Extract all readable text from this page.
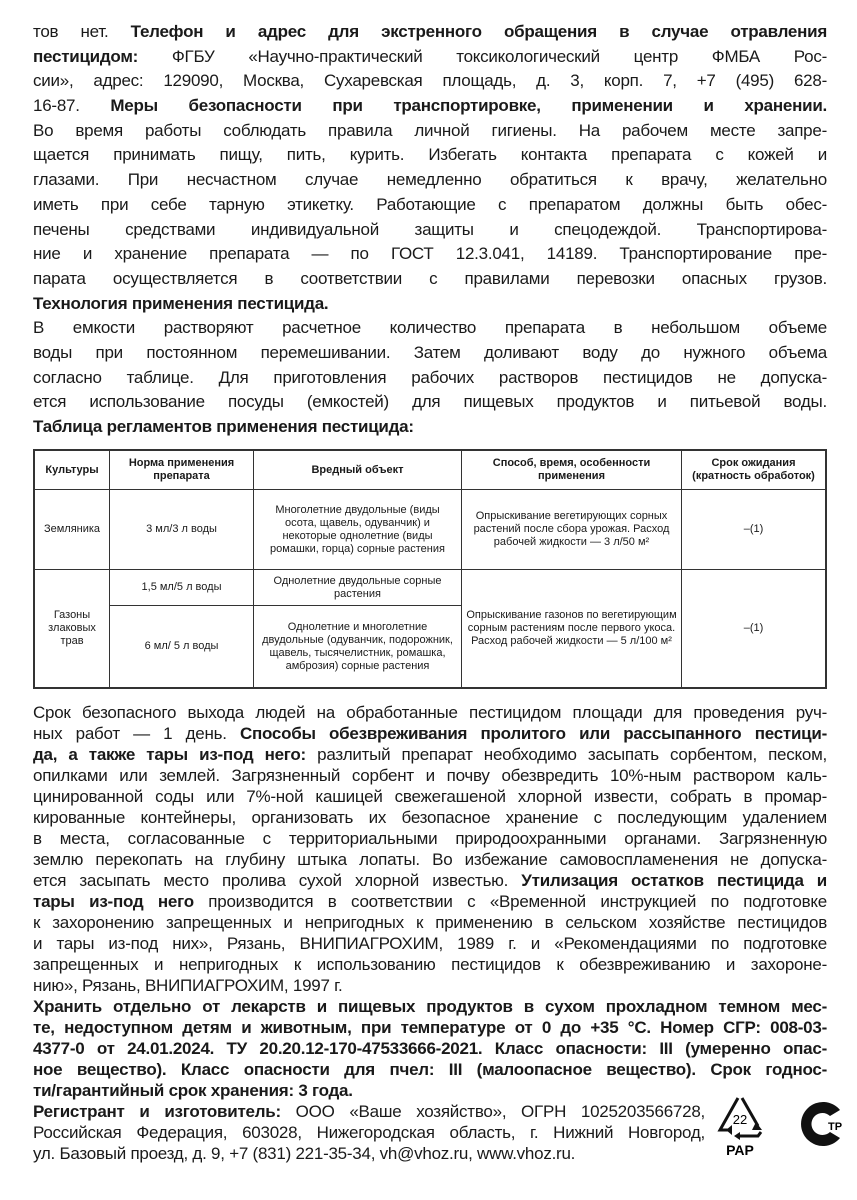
тов нет. Телефон и адрес для экстренного обращения в случае отравления
пестицидом: ФГБУ «Научно-практический токсикологический центр ФМБА Рос-
сии», адрес: 129090, Москва, Сухаревская площадь, д. 3, корп. 7, +7 (495) 628-
16-87. Меры безопасности при транспортировке, применении и хранении.
Во время работы соблюдать правила личной гигиены. На рабочем месте запре-
щается принимать пищу, пить, курить. Избегать контакта препарата с кожей и
глазами. При несчастном случае немедленно обратиться к врачу, желательно
иметь при себе тарную этикетку. Работающие с препаратом должны быть обес-
печены средствами индивидуальной защиты и спецодеждой. Транспортирова-
ние и хранение препарата — по ГОСТ 12.3.041, 14189. Транспортирование пре-
парата осуществляется в соответствии с правилами перевозки опасных грузов.
Технология применения пестицида.
В емкости растворяют расчетное количество препарата в небольшом объеме
воды при постоянном перемешивании. Затем доливают воду до нужного объема
согласно таблице. Для приготовления рабочих растворов пестицидов не допуска-
ется использование посуды (емкостей) для пищевых продуктов и питьевой воды.
Таблица регламентов применения пестицида:
Культуры	Норма применения препарата	Вредный объект	Способ, время, особенности применения	Срок ожидания (кратность обработок)
Земляника	3 мл/3 л воды	Многолетние двудольные (виды осота, щавель, одуванчик) и некоторые однолетние (виды ромашки, горца) сорные растения	Опрыскивание вегетирующих сорных растений после сбора урожая. Расход рабочей жидкости — 3 л/50 м²	–(1)
Газоны злаковых трав	1,5 мл/5 л воды	Однолетние двудольные сорные растения	Опрыскивание газонов по вегетирующим сорным растениям после первого укоса. Расход рабочей жидкости — 5 л/100 м²	–(1)
	6 мл/ 5 л воды	Однолетние и многолетние двудольные (одуванчик, подорожник, щавель, тысячелистник, ромашка, амброзия) сорные растения		
Срок безопасного выхода людей на обработанные пестицидом площади для проведения руч-
ных работ — 1 день. Способы обезвреживания пролитого или рассыпанного пестици-
да, а также тары из-под него: разлитый препарат необходимо засыпать сорбентом, песком,
опилками или землей. Загрязненный сорбент и почву обезвредить 10%-ным раствором каль-
цинированной соды или 7%-ной кашицей свежегашеной хлорной извести, собрать в промар-
кированные контейнеры, организовать их безопасное хранение с последующим удалением
в места, согласованные с территориальными природоохранными органами. Загрязненную
землю перекопать на глубину штыка лопаты. Во избежание самовоспламенения не допуска-
ется засыпать место пролива сухой хлорной известью. Утилизация остатков пестицида и
тары из-под него производится в соответствии с «Временной инструкцией по подготовке
к захоронению запрещенных и непригодных к применению в сельском хозяйстве пестицидов
и тары из-под них», Рязань, ВНИПИАГРОХИМ, 1989 г. и «Рекомендациями по подготовке
запрещенных и непригодных к использованию пестицидов к обезвреживанию и захороне-
нию», Рязань, ВНИПИАГРОХИМ, 1997 г.
Хранить отдельно от лекарств и пищевых продуктов в сухом прохладном темном мес-
те, недоступном детям и животным, при температуре от 0 до +35 °С. Номер СГР: 008-03-
4377-0 от 24.01.2024. ТУ 20.20.12-170-47533666-2021. Класс опасности: III (умеренно опас-
ное вещество). Класс опасности для пчел: III (малоопасное вещество). Срок годнос-
ти/гарантийный срок хранения: 3 года.
Регистрант и изготовитель: ООО «Ваше хозяйство», ОГРН 1025203566728,
Российская Федерация, 603028, Нижегородская область, г. Нижний Новгород,
ул. Базовый проезд, д. 9, +7 (831) 221-35-34, vh@vhoz.ru, www.vhoz.ru.
22
PAP
ТР
